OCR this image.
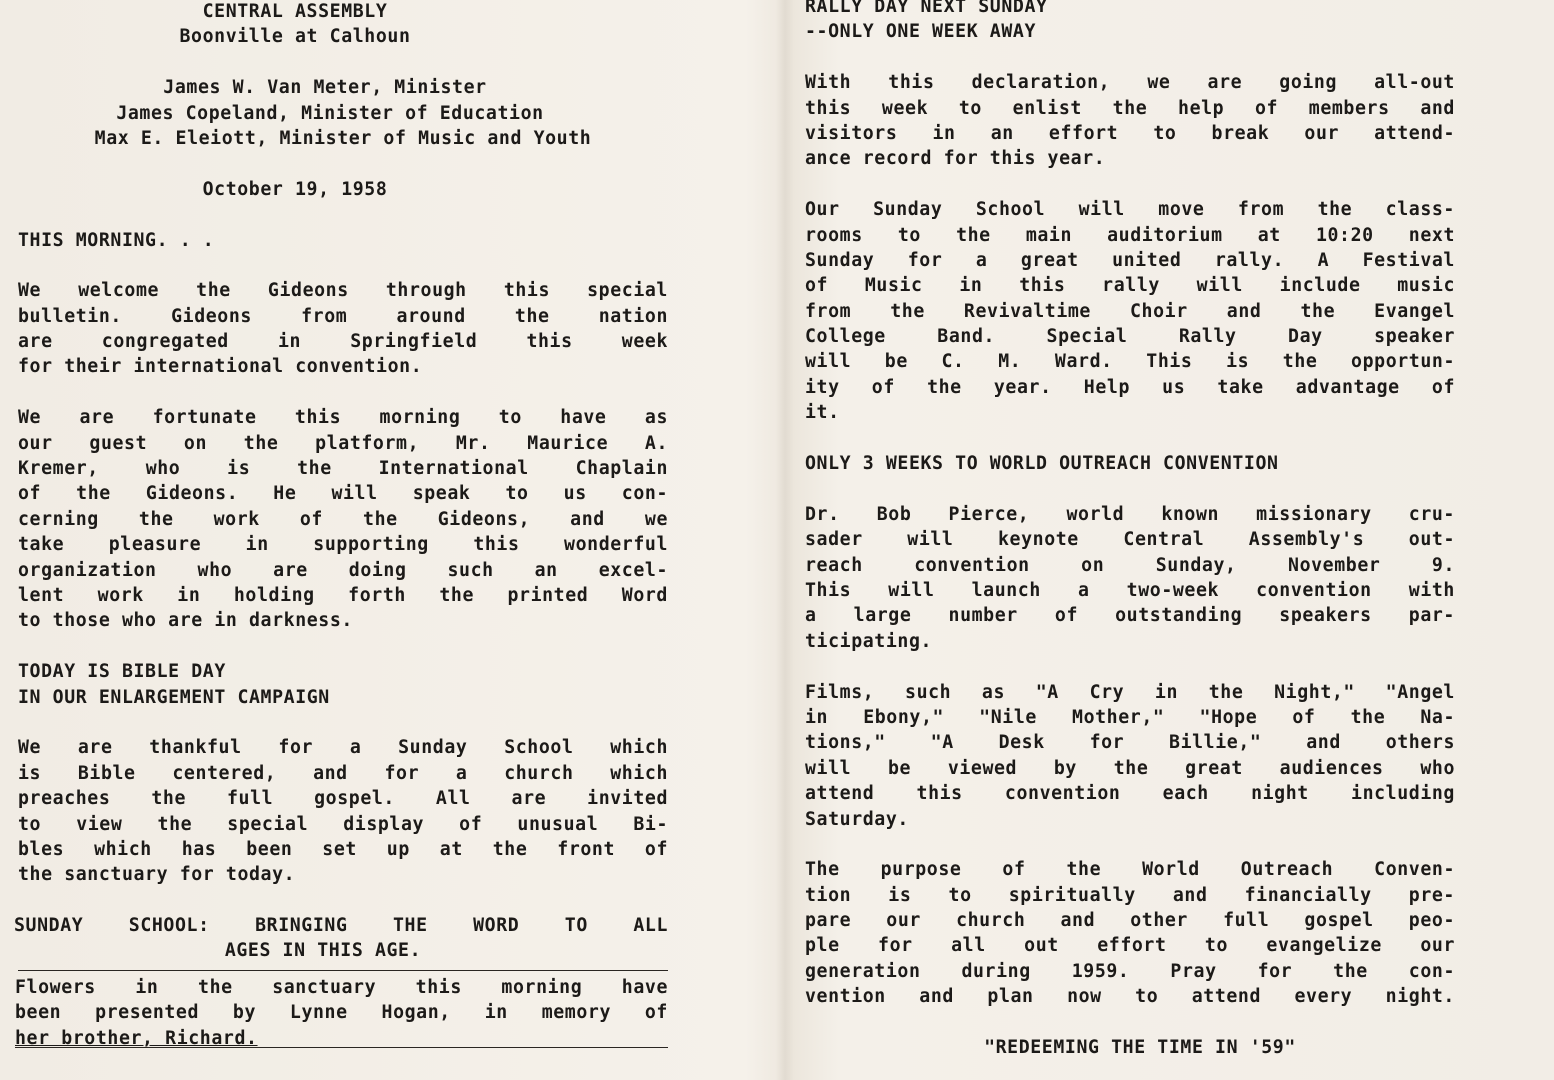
CENTRAL ASSEMBLY
Boonville at Calhoun
James W. Van Meter, Minister
James Copeland, Minister of Education
Max E. Eleiott, Minister of Music and Youth
October 19, 1958
THIS MORNING. . .
We welcome the Gideons through this special
bulletin. Gideons from around the nation
are congregated in Springfield this week
for their international convention.
We are fortunate this morning to have as
our guest on the platform, Mr. Maurice A.
Kremer, who is the International Chaplain
of the Gideons. He will speak to us con-
cerning the work of the Gideons, and we
take pleasure in supporting this wonderful
organization who are doing such an excel-
lent work in holding forth the printed Word
to those who are in darkness.
TODAY IS BIBLE DAY
IN OUR ENLARGEMENT CAMPAIGN
We are thankful for a Sunday School which
is Bible centered, and for a church which
preaches the full gospel. All are invited
to view the special display of unusual Bi-
bles which has been set up at the front of
the sanctuary for today.
SUNDAY SCHOOL: BRINGING THE WORD TO ALL
AGES IN THIS AGE.
Flowers in the sanctuary this morning have
been presented by Lynne Hogan, in memory of
her brother, Richard.
RALLY DAY NEXT SUNDAY
--ONLY ONE WEEK AWAY
With this declaration, we are going all-out
this week to enlist the help of members and
visitors in an effort to break our attend-
ance record for this year.
Our Sunday School will move from the class-
rooms to the main auditorium at 10:20 next
Sunday for a great united rally. A Festival
of Music in this rally will include music
from the Revivaltime Choir and the Evangel
College Band. Special Rally Day speaker
will be C. M. Ward. This is the opportun-
ity of the year. Help us take advantage of
it.
ONLY 3 WEEKS TO WORLD OUTREACH CONVENTION
Dr. Bob Pierce, world known missionary cru-
sader will keynote Central Assembly's out-
reach convention on Sunday, November 9.
This will launch a two-week convention with
a large number of outstanding speakers par-
ticipating.
Films, such as "A Cry in the Night," "Angel
in Ebony," "Nile Mother," "Hope of the Na-
tions," "A Desk for Billie," and others
will be viewed by the great audiences who
attend this convention each night including
Saturday.
The purpose of the World Outreach Conven-
tion is to spiritually and financially pre-
pare our church and other full gospel peo-
ple for all out effort to evangelize our
generation during 1959. Pray for the con-
vention and plan now to attend every night.
"REDEEMING THE TIME IN '59"
